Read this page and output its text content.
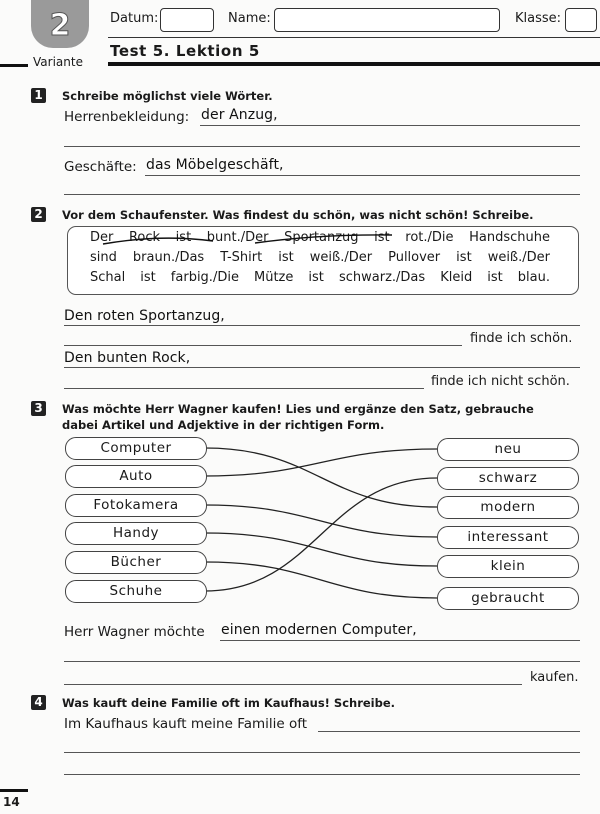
2
Variante
Datum:	Name:	Klasse:
Test 5. Lektion 5
1 Schreibe möglichst viele Wörter.
Herrenbekleidung: der Anzug,
Geschäfte: das Möbelgeschäft,
2 Vor dem Schaufenster. Was findest du schön, was nicht schön! Schreibe.
Der Rock ist bunt./Der Sportanzug ist rot./Die Handschuhe
sind braun./Das T-Shirt ist weiß./Der Pullover ist weiß./Der
Schal ist farbig./Die Mütze ist schwarz./Das Kleid ist blau.
Den roten Sportanzug,
finde ich schön.
Den bunten Rock,
finde ich nicht schön.
3 Was möchte Herr Wagner kaufen! Lies und ergänze den Satz, gebrauche
dabei Artikel und Adjektive in der richtigen Form.
Computer
Auto
Fotokamera
Handy
Bücher
Schuhe
neu
schwarz
modern
interessant
klein
gebraucht
Herr Wagner möchte einen modernen Computer,
kaufen.
4 Was kauft deine Familie oft im Kaufhaus! Schreibe.
Im Kaufhaus kauft meine Familie oft
14
